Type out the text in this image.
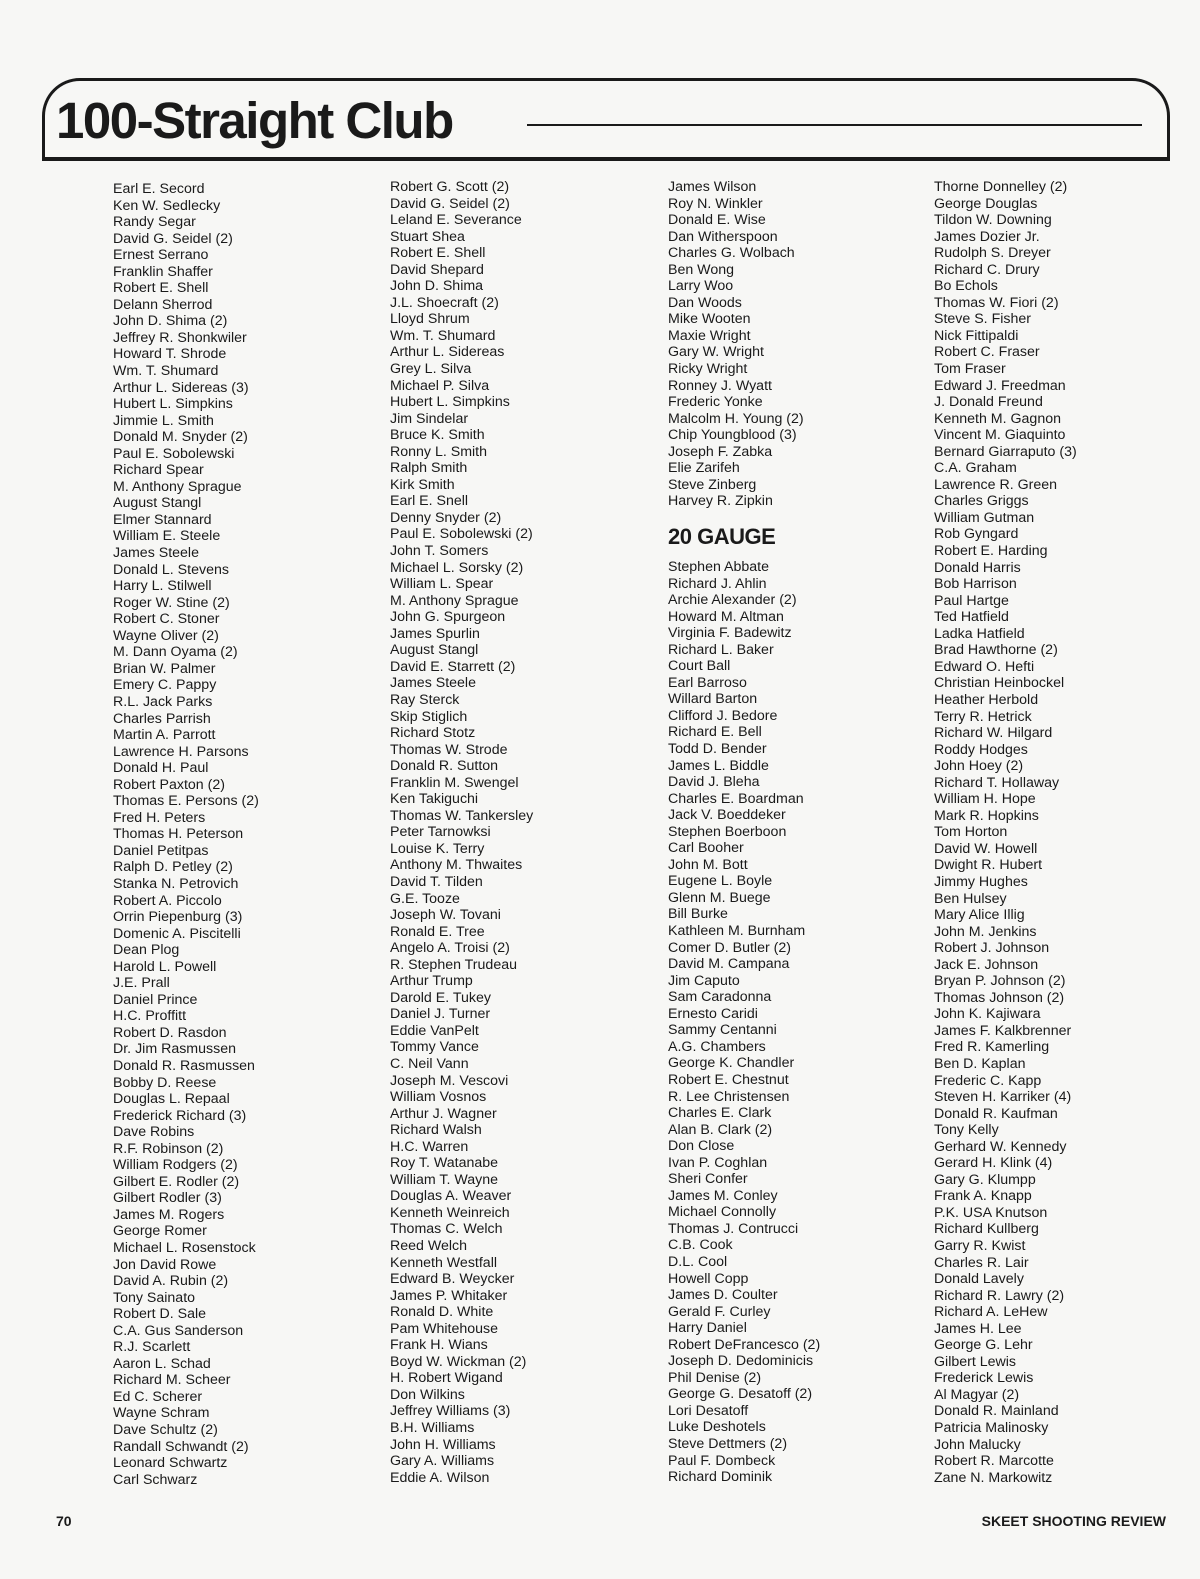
100-Straight Club
Earl E. Secord
Ken W. Sedlecky
Randy Segar
David G. Seidel (2)
Ernest Serrano
Franklin Shaffer
Robert E. Shell
Delann Sherrod
John D. Shima (2)
Jeffrey R. Shonkwiler
Howard T. Shrode
Wm. T. Shumard
Arthur L. Sidereas (3)
Hubert L. Simpkins
Jimmie L. Smith
Donald M. Snyder (2)
Paul E. Sobolewski
Richard Spear
M. Anthony Sprague
August Stangl
Elmer Stannard
William E. Steele
James Steele
Donald L. Stevens
Harry L. Stilwell
Roger W. Stine (2)
Robert C. Stoner
Wayne Oliver (2)
M. Dann Oyama (2)
Brian W. Palmer
Emery C. Pappy
R.L. Jack Parks
Charles Parrish
Martin A. Parrott
Lawrence H. Parsons
Donald H. Paul
Robert Paxton (2)
Thomas E. Persons (2)
Fred H. Peters
Thomas H. Peterson
Daniel Petitpas
Ralph D. Petley (2)
Stanka N. Petrovich
Robert A. Piccolo
Orrin Piepenburg (3)
Domenic A. Piscitelli
Dean Plog
Harold L. Powell
J.E. Prall
Daniel Prince
H.C. Proffitt
Robert D. Rasdon
Dr. Jim Rasmussen
Donald R. Rasmussen
Bobby D. Reese
Douglas L. Repaal
Frederick Richard (3)
Dave Robins
R.F. Robinson (2)
William Rodgers (2)
Gilbert E. Rodler (2)
Gilbert Rodler (3)
James M. Rogers
George Romer
Michael L. Rosenstock
Jon David Rowe
David A. Rubin (2)
Tony Sainato
Robert D. Sale
C.A. Gus Sanderson
R.J. Scarlett
Aaron L. Schad
Richard M. Scheer
Ed C. Scherer
Wayne Schram
Dave Schultz (2)
Randall Schwandt (2)
Leonard Schwartz
Carl Schwarz
Robert G. Scott (2)
David G. Seidel (2)
Leland E. Severance
Stuart Shea
Robert E. Shell
David Shepard
John D. Shima
J.L. Shoecraft (2)
Lloyd Shrum
Wm. T. Shumard
Arthur L. Sidereas
Grey L. Silva
Michael P. Silva
Hubert L. Simpkins
Jim Sindelar
Bruce K. Smith
Ronny L. Smith
Ralph Smith
Kirk Smith
Earl E. Snell
Denny Snyder (2)
Paul E. Sobolewski (2)
John T. Somers
Michael L. Sorsky (2)
William L. Spear
M. Anthony Sprague
John G. Spurgeon
James Spurlin
August Stangl
David E. Starrett (2)
James Steele
Ray Sterck
Skip Stiglich
Richard Stotz
Thomas W. Strode
Donald R. Sutton
Franklin M. Swengel
Ken Takiguchi
Thomas W. Tankersley
Peter Tarnowksi
Louise K. Terry
Anthony M. Thwaites
David T. Tilden
G.E. Tooze
Joseph W. Tovani
Ronald E. Tree
Angelo A. Troisi (2)
R. Stephen Trudeau
Arthur Trump
Darold E. Tukey
Daniel J. Turner
Eddie VanPelt
Tommy Vance
C. Neil Vann
Joseph M. Vescovi
William Vosnos
Arthur J. Wagner
Richard Walsh
H.C. Warren
Roy T. Watanabe
William T. Wayne
Douglas A. Weaver
Kenneth Weinreich
Thomas C. Welch
Reed Welch
Kenneth Westfall
Edward B. Weycker
James P. Whitaker
Ronald D. White
Pam Whitehouse
Frank H. Wians
Boyd W. Wickman (2)
H. Robert Wigand
Don Wilkins
Jeffrey Williams (3)
B.H. Williams
John H. Williams
Gary A. Williams
Eddie A. Wilson
James Wilson
Roy N. Winkler
Donald E. Wise
Dan Witherspoon
Charles G. Wolbach
Ben Wong
Larry Woo
Dan Woods
Mike Wooten
Maxie Wright
Gary W. Wright
Ricky Wright
Ronney J. Wyatt
Frederic Yonke
Malcolm H. Young (2)
Chip Youngblood (3)
Joseph F. Zabka
Elie Zarifeh
Steve Zinberg
Harvey R. Zipkin
20 GAUGE
Stephen Abbate
Richard J. Ahlin
Archie Alexander (2)
Howard M. Altman
Virginia F. Badewitz
Richard L. Baker
Court Ball
Earl Barroso
Willard Barton
Clifford J. Bedore
Richard E. Bell
Todd D. Bender
James L. Biddle
David J. Bleha
Charles E. Boardman
Jack V. Boeddeker
Stephen Boerboon
Carl Booher
John M. Bott
Eugene L. Boyle
Glenn M. Buege
Bill Burke
Kathleen M. Burnham
Comer D. Butler (2)
David M. Campana
Jim Caputo
Sam Caradonna
Ernesto Caridi
Sammy Centanni
A.G. Chambers
George K. Chandler
Robert E. Chestnut
R. Lee Christensen
Charles E. Clark
Alan B. Clark (2)
Don Close
Ivan P. Coghlan
Sheri Confer
James M. Conley
Michael Connolly
Thomas J. Contrucci
C.B. Cook
D.L. Cool
Howell Copp
James D. Coulter
Gerald F. Curley
Harry Daniel
Robert DeFrancesco (2)
Joseph D. Dedominicis
Phil Denise (2)
George G. Desatoff (2)
Lori Desatoff
Luke Deshotels
Steve Dettmers (2)
Paul F. Dombeck
Richard Dominik
Thorne Donnelley (2)
George Douglas
Tildon W. Downing
James Dozier Jr.
Rudolph S. Dreyer
Richard C. Drury
Bo Echols
Thomas W. Fiori (2)
Steve S. Fisher
Nick Fittipaldi
Robert C. Fraser
Tom Fraser
Edward J. Freedman
J. Donald Freund
Kenneth M. Gagnon
Vincent M. Giaquinto
Bernard Giarraputo (3)
C.A. Graham
Lawrence R. Green
Charles Griggs
William Gutman
Rob Gyngard
Robert E. Harding
Donald Harris
Bob Harrison
Paul Hartge
Ted Hatfield
Ladka Hatfield
Brad Hawthorne (2)
Edward O. Hefti
Christian Heinbockel
Heather Herbold
Terry R. Hetrick
Richard W. Hilgard
Roddy Hodges
John Hoey (2)
Richard T. Hollaway
William H. Hope
Mark R. Hopkins
Tom Horton
David W. Howell
Dwight R. Hubert
Jimmy Hughes
Ben Hulsey
Mary Alice Illig
John M. Jenkins
Robert J. Johnson
Jack E. Johnson
Bryan P. Johnson (2)
Thomas Johnson (2)
John K. Kajiwara
James F. Kalkbrenner
Fred R. Kamerling
Ben D. Kaplan
Frederic C. Kapp
Steven H. Karriker (4)
Donald R. Kaufman
Tony Kelly
Gerhard W. Kennedy
Gerard H. Klink (4)
Gary G. Klumpp
Frank A. Knapp
P.K. USA Knutson
Richard Kullberg
Garry R. Kwist
Charles R. Lair
Donald Lavely
Richard R. Lawry (2)
Richard A. LeHew
James H. Lee
George G. Lehr
Gilbert Lewis
Frederick Lewis
Al Magyar (2)
Donald R. Mainland
Patricia Malinosky
John Malucky
Robert R. Marcotte
Zane N. Markowitz
70	SKEET SHOOTING REVIEW
